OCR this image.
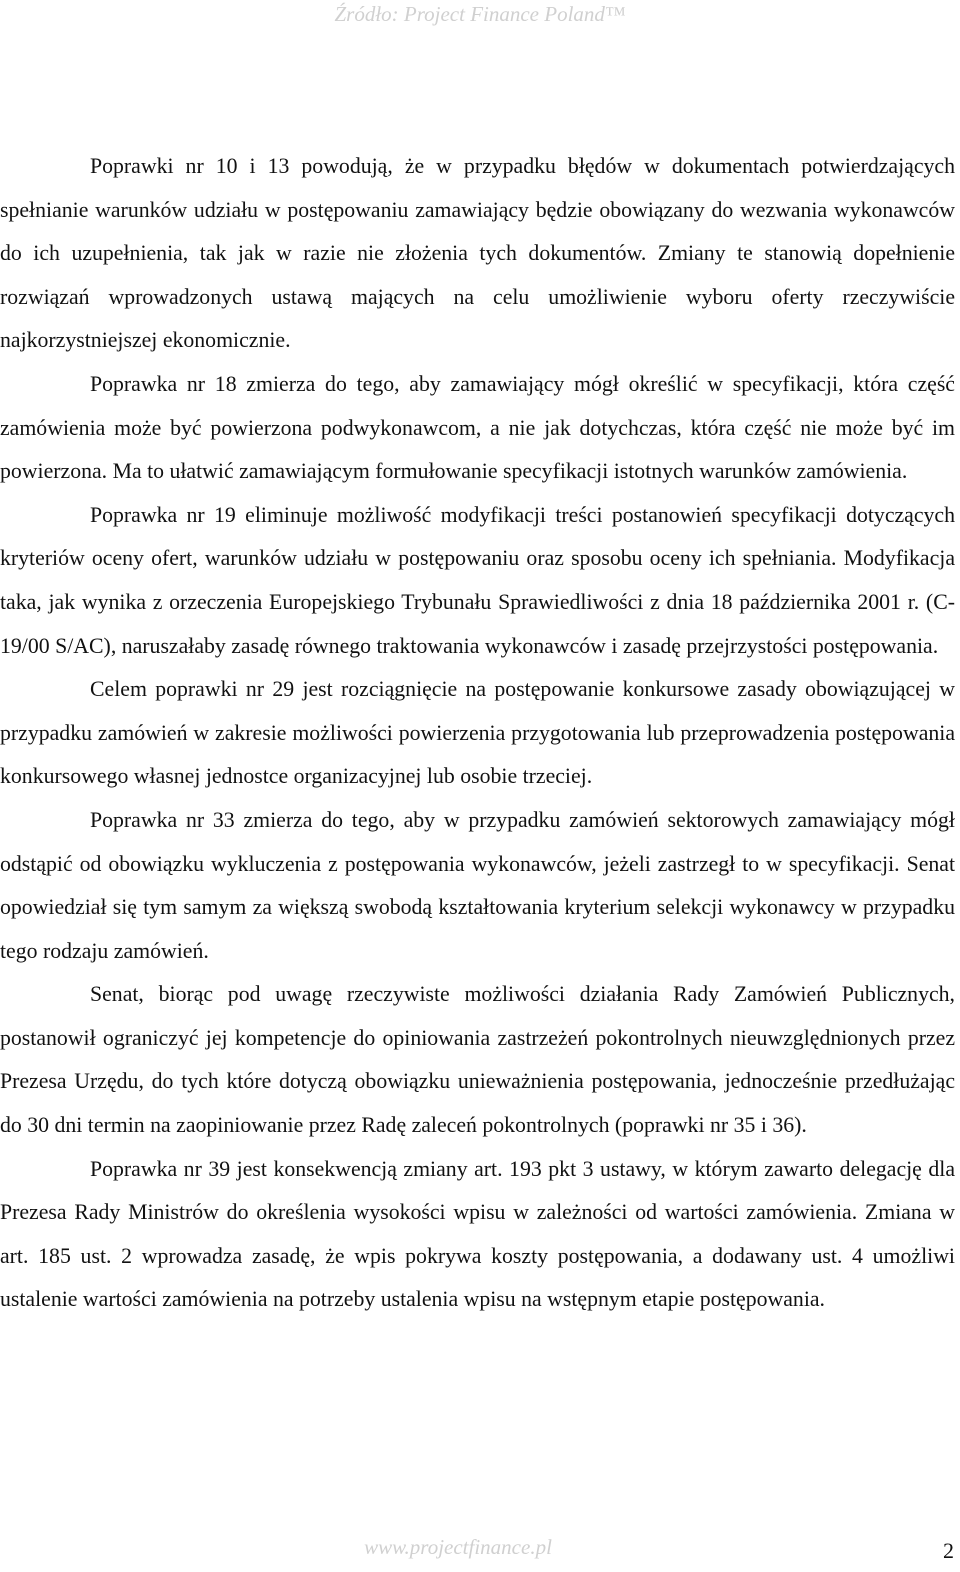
Źródło: Project Finance Poland™

Poprawki nr 10 i 13 powodują, że w przypadku błędów w dokumentach potwierdzających spełnianie warunków udziału w postępowaniu zamawiający będzie obowiązany do wezwania wykonawców do ich uzupełnienia, tak jak w razie nie złożenia tych dokumentów. Zmiany te stanowią dopełnienie rozwiązań wprowadzonych ustawą mających na celu umożliwienie wyboru oferty rzeczywiście najkorzystniejszej ekonomicznie.

Poprawka nr 18 zmierza do tego, aby zamawiający mógł określić w specyfikacji, która część zamówienia może być powierzona podwykonawcom, a nie jak dotychczas, która część nie może być im powierzona. Ma to ułatwić zamawiającym formułowanie specyfikacji istotnych warunków zamówienia.

Poprawka nr 19 eliminuje możliwość modyfikacji treści postanowień specyfikacji dotyczących kryteriów oceny ofert, warunków udziału w postępowaniu oraz sposobu oceny ich spełniania. Modyfikacja taka, jak wynika z orzeczenia Europejskiego Trybunału Sprawiedliwości z dnia 18 października 2001 r. (C-19/00 S/AC), naruszałaby zasadę równego traktowania wykonawców i zasadę przejrzystości postępowania.

Celem poprawki nr 29 jest rozciągnięcie na postępowanie konkursowe zasady obowiązującej w przypadku zamówień w zakresie możliwości powierzenia przygotowania lub przeprowadzenia postępowania konkursowego własnej jednostce organizacyjnej lub osobie trzeciej.

Poprawka nr 33 zmierza do tego, aby w przypadku zamówień sektorowych zamawiający mógł odstąpić od obowiązku wykluczenia z postępowania wykonawców, jeżeli zastrzegł to w specyfikacji. Senat opowiedział się tym samym za większą swobodą kształtowania kryterium selekcji wykonawcy w przypadku tego rodzaju zamówień.

Senat, biorąc pod uwagę rzeczywiste możliwości działania Rady Zamówień Publicznych, postanowił ograniczyć jej kompetencje do opiniowania zastrzeżeń pokontrolnych nieuwzględnionych przez Prezesa Urzędu, do tych które dotyczą obowiązku unieważnienia postępowania, jednocześnie przedłużając do 30 dni termin na zaopiniowanie przez Radę zaleceń pokontrolnych (poprawki nr 35 i 36).

Poprawka nr 39 jest konsekwencją zmiany art. 193 pkt 3 ustawy, w którym zawarto delegację dla Prezesa Rady Ministrów do określenia wysokości wpisu w zależności od wartości zamówienia. Zmiana w art. 185 ust. 2 wprowadza zasadę, że wpis pokrywa koszty postępowania, a dodawany ust. 4 umożliwi ustalenie wartości zamówienia na potrzeby ustalenia wpisu na wstępnym etapie postępowania.

www.projectfinance.pl	2
